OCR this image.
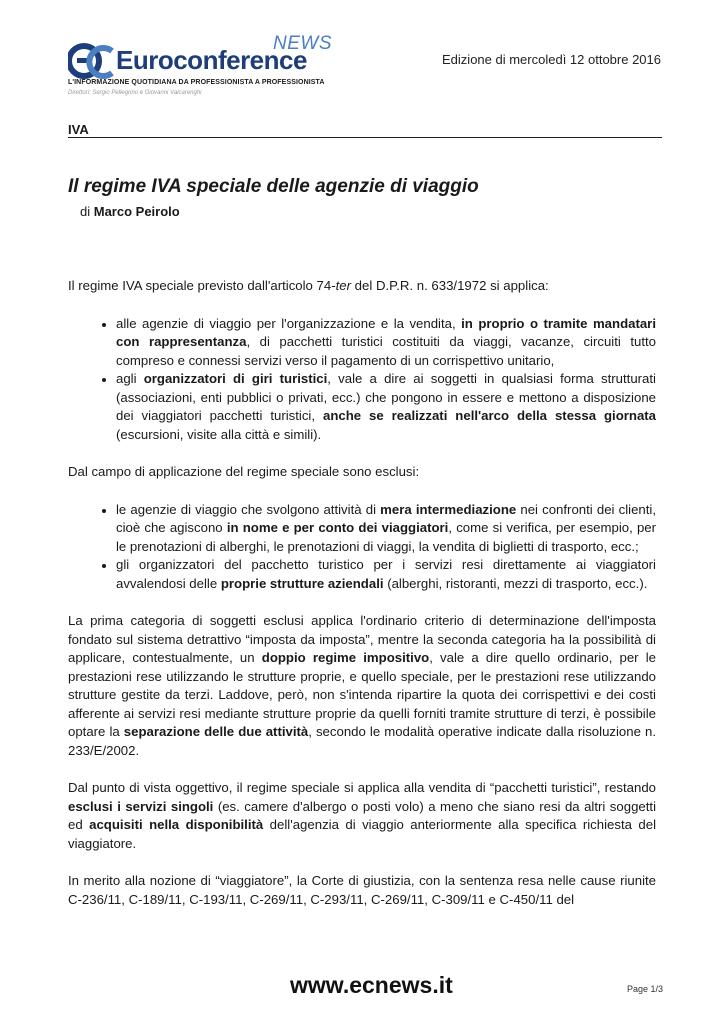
NEWS
Euroconference
L'INFORMAZIONE QUOTIDIANA DA PROFESSIONISTA A PROFESSIONISTA
Direttori: Sergio Pellegrino e Giovanni Valcarenghi
Edizione di mercoledì 12 ottobre 2016
IVA
Il regime IVA speciale delle agenzie di viaggio
di Marco Peirolo

Il regime IVA speciale previsto dall'articolo 74-ter del D.P.R. n. 633/1972 si applica:

• alle agenzie di viaggio per l'organizzazione e la vendita, in proprio o tramite mandatari con rappresentanza, di pacchetti turistici costituiti da viaggi, vacanze, circuiti tutto compreso e connessi servizi verso il pagamento di un corrispettivo unitario,
• agli organizzatori di giri turistici, vale a dire ai soggetti in qualsiasi forma strutturati (associazioni, enti pubblici o privati, ecc.) che pongono in essere e mettono a disposizione dei viaggiatori pacchetti turistici, anche se realizzati nell'arco della stessa giornata (escursioni, visite alla città e simili).

Dal campo di applicazione del regime speciale sono esclusi:

• le agenzie di viaggio che svolgono attività di mera intermediazione nei confronti dei clienti, cioè che agiscono in nome e per conto dei viaggiatori, come si verifica, per esempio, per le prenotazioni di alberghi, le prenotazioni di viaggi, la vendita di biglietti di trasporto, ecc.;
• gli organizzatori del pacchetto turistico per i servizi resi direttamente ai viaggiatori avvalendosi delle proprie strutture aziendali (alberghi, ristoranti, mezzi di trasporto, ecc.).

La prima categoria di soggetti esclusi applica l'ordinario criterio di determinazione dell'imposta fondato sul sistema detrattivo “imposta da imposta”, mentre la seconda categoria ha la possibilità di applicare, contestualmente, un doppio regime impositivo, vale a dire quello ordinario, per le prestazioni rese utilizzando le strutture proprie, e quello speciale, per le prestazioni rese utilizzando strutture gestite da terzi. Laddove, però, non s'intenda ripartire la quota dei corrispettivi e dei costi afferente ai servizi resi mediante strutture proprie da quelli forniti tramite strutture di terzi, è possibile optare la separazione delle due attività, secondo le modalità operative indicate dalla risoluzione n. 233/E/2002.

Dal punto di vista oggettivo, il regime speciale si applica alla vendita di “pacchetti turistici”, restando esclusi i servizi singoli (es. camere d'albergo o posti volo) a meno che siano resi da altri soggetti ed acquisiti nella disponibilità dell'agenzia di viaggio anteriormente alla specifica richiesta del viaggiatore.

In merito alla nozione di “viaggiatore”, la Corte di giustizia, con la sentenza resa nelle cause riunite C-236/11, C-189/11, C-193/11, C-269/11, C-293/11, C-269/11, C-309/11 e C-450/11 del

www.ecnews.it	Page 1/3
